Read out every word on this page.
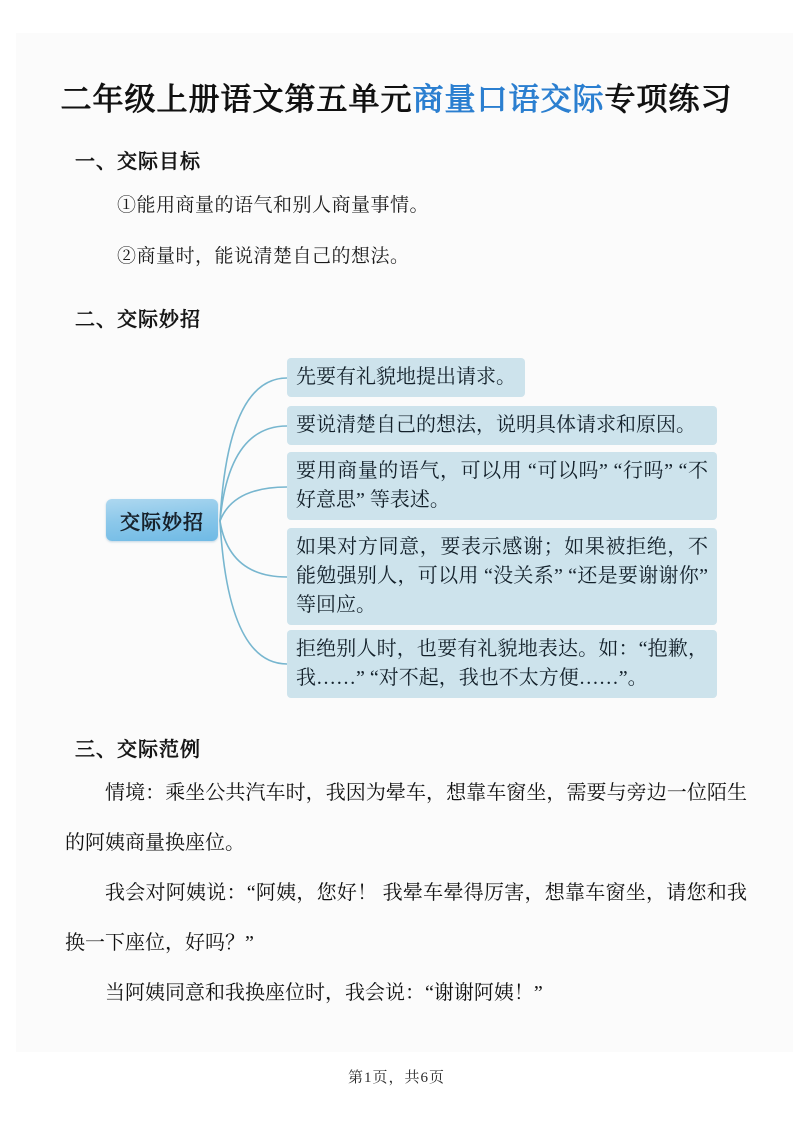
二年级上册语文第五单元商量口语交际专项练习
一、交际目标
①能用商量的语气和别人商量事情。
②商量时，能说清楚自己的想法。
二、交际妙招
交际妙招
先要有礼貌地提出请求。
要说清楚自己的想法，说明具体请求和原因。
要用商量的语气，可以用 “可以吗” “行吗” “不好意思” 等表述。
如果对方同意，要表示感谢；如果被拒绝，不能勉强别人，可以用 “没关系” “还是要谢谢你” 等回应。
拒绝别人时，也要有礼貌地表达。如：“抱歉，我……” “对不起，我也不太方便……”。
三、交际范例

情境：乘坐公共汽车时，我因为晕车，想靠车窗坐，需要与旁边一位陌生的阿姨商量换座位。

我会对阿姨说：“阿姨，您好！ 我晕车晕得厉害，想靠车窗坐，请您和我换一下座位，好吗？”

当阿姨同意和我换座位时，我会说：“谢谢阿姨！”

第1页，共6页
